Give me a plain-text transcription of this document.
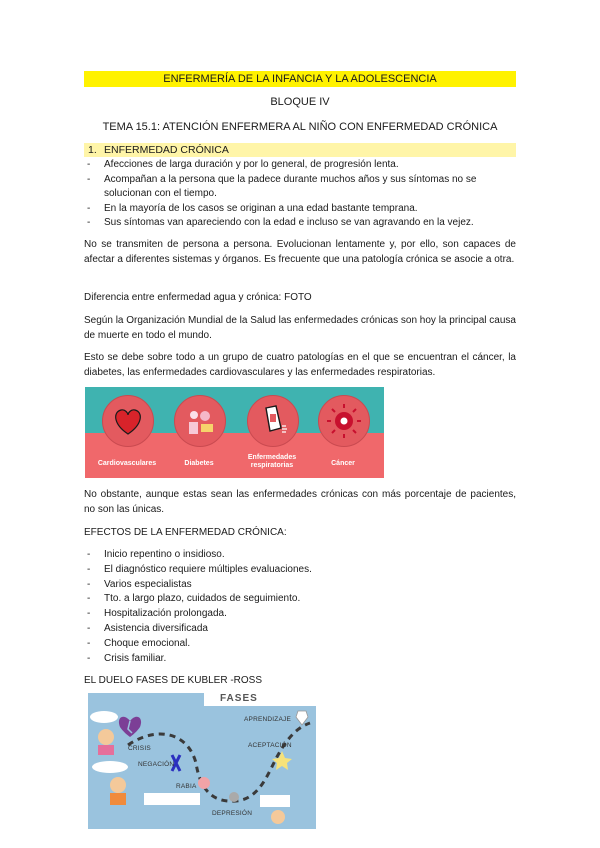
ENFERMERÍA DE LA INFANCIA Y LA ADOLESCENCIA
BLOQUE IV
TEMA 15.1: ATENCIÓN ENFERMERA AL NIÑO CON ENFERMEDAD CRÓNICA
1. ENFERMEDAD CRÓNICA
- Afecciones de larga duración y por lo general, de progresión lenta.
- Acompañan a la persona que la padece durante muchos años y sus síntomas no se solucionan con el tiempo.
- En la mayoría de los casos se originan a una edad bastante temprana.
- Sus síntomas van apareciendo con la edad e incluso se van agravando en la vejez.
No se transmiten de persona a persona. Evolucionan lentamente y, por ello, son capaces de afectar a diferentes sistemas y órganos. Es frecuente que una patología crónica se asocie a otra.
Diferencia entre enfermedad agua y crónica: FOTO
Según la Organización Mundial de la Salud las enfermedades crónicas son hoy la principal causa de muerte en todo el mundo.
Esto se debe sobre todo a un grupo de cuatro patologías en el que se encuentran el cáncer, la diabetes, las enfermedades cardiovasculares y las enfermedades respiratorias.
Cardiovasculares	Diabetes
Enfermedades respiratorias	Cáncer
No obstante, aunque estas sean las enfermedades crónicas con más porcentaje de pacientes, no son las únicas.
EFECTOS DE LA ENFERMEDAD CRÓNICA:
- Inicio repentino o insidioso.
- El diagnóstico requiere múltiples evaluaciones.
- Varios especialistas
- Tto. a largo plazo, cuidados de seguimiento.
- Hospitalización prolongada.
- Asistencia diversificada
- Choque emocional.
- Crisis familiar.
EL DUELO FASES DE KUBLER -ROSS
FASES
CRISIS
NEGACIÓN
RABIA
DEPRESIÓN
ACEPTACIÓN
APRENDIZAJE
